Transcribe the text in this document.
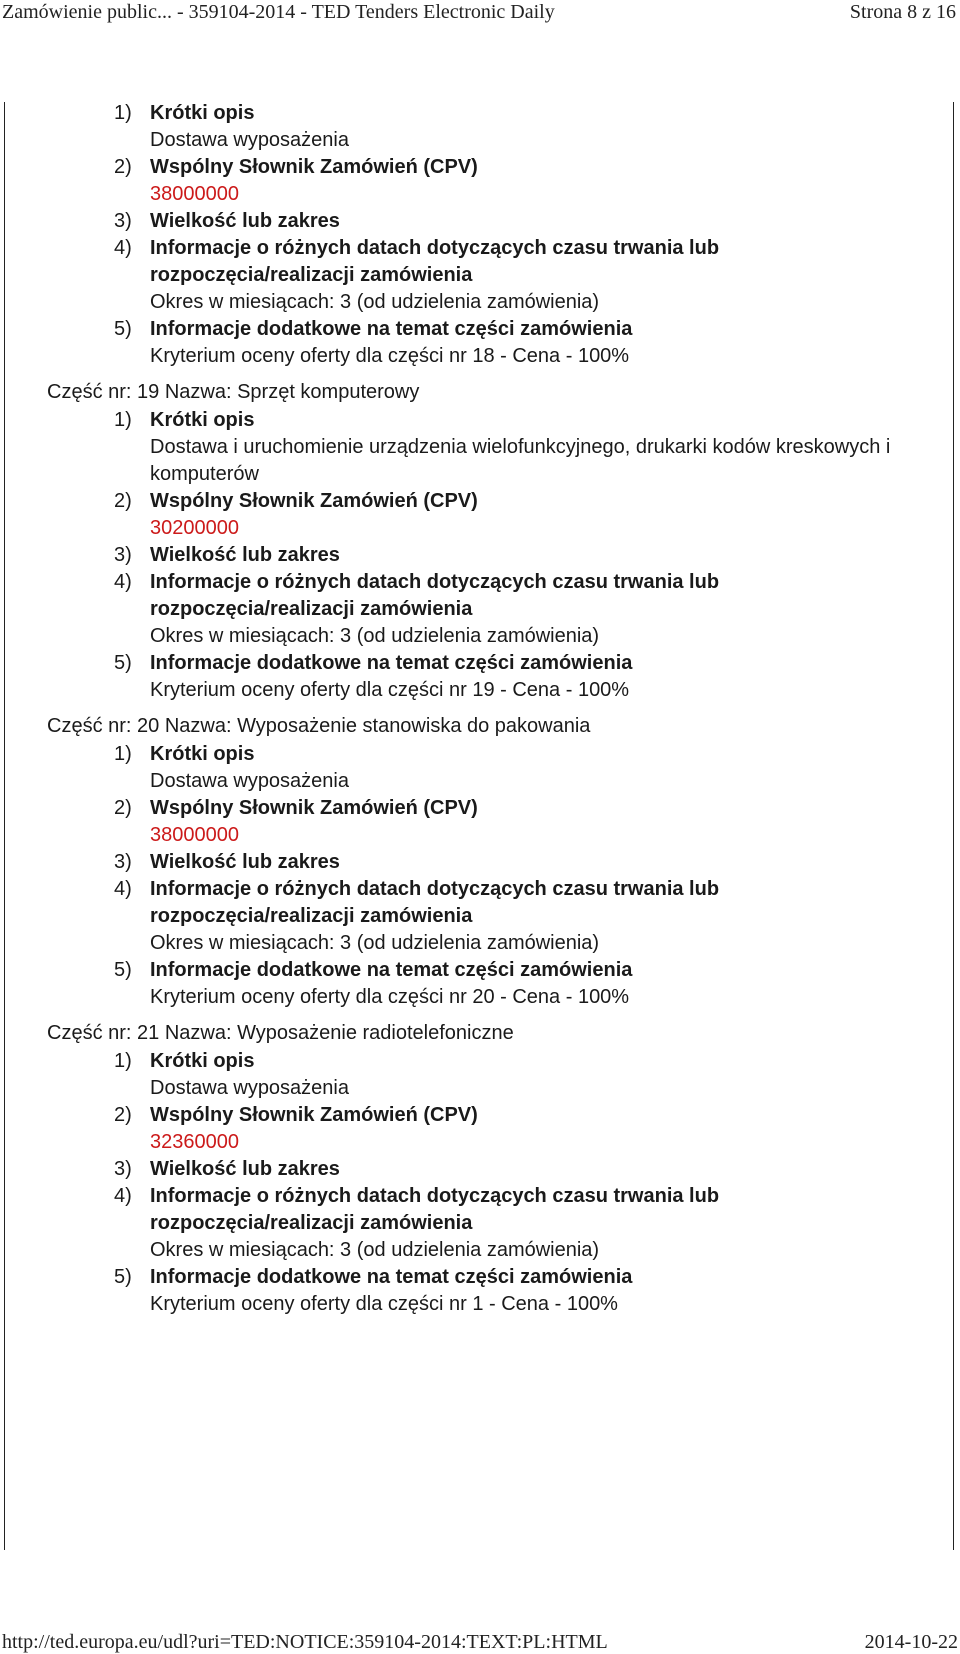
Zamówienie public... - 359104-2014 - TED Tenders Electronic Daily	Strona 8 z 16
1) Krótki opis
Dostawa wyposażenia
2) Wspólny Słownik Zamówień (CPV)
38000000
3) Wielkość lub zakres
4) Informacje o różnych datach dotyczących czasu trwania lub rozpoczęcia/realizacji zamówienia
Okres w miesiącach: 3 (od udzielenia zamówienia)
5) Informacje dodatkowe na temat części zamówienia
Kryterium oceny oferty dla części nr 18 - Cena - 100%
Część nr: 19 Nazwa: Sprzęt komputerowy
1) Krótki opis
Dostawa i uruchomienie urządzenia wielofunkcyjnego, drukarki kodów kreskowych i komputerów
2) Wspólny Słownik Zamówień (CPV)
30200000
3) Wielkość lub zakres
4) Informacje o różnych datach dotyczących czasu trwania lub rozpoczęcia/realizacji zamówienia
Okres w miesiącach: 3 (od udzielenia zamówienia)
5) Informacje dodatkowe na temat części zamówienia
Kryterium oceny oferty dla części nr 19 - Cena - 100%
Część nr: 20 Nazwa: Wyposażenie stanowiska do pakowania
1) Krótki opis
Dostawa wyposażenia
2) Wspólny Słownik Zamówień (CPV)
38000000
3) Wielkość lub zakres
4) Informacje o różnych datach dotyczących czasu trwania lub rozpoczęcia/realizacji zamówienia
Okres w miesiącach: 3 (od udzielenia zamówienia)
5) Informacje dodatkowe na temat części zamówienia
Kryterium oceny oferty dla części nr 20 - Cena - 100%
Część nr: 21 Nazwa: Wyposażenie radiotelefoniczne
1) Krótki opis
Dostawa wyposażenia
2) Wspólny Słownik Zamówień (CPV)
32360000
3) Wielkość lub zakres
4) Informacje o różnych datach dotyczących czasu trwania lub rozpoczęcia/realizacji zamówienia
Okres w miesiącach: 3 (od udzielenia zamówienia)
5) Informacje dodatkowe na temat części zamówienia
Kryterium oceny oferty dla części nr 1 - Cena - 100%
http://ted.europa.eu/udl?uri=TED:NOTICE:359104-2014:TEXT:PL:HTML	2014-10-22
